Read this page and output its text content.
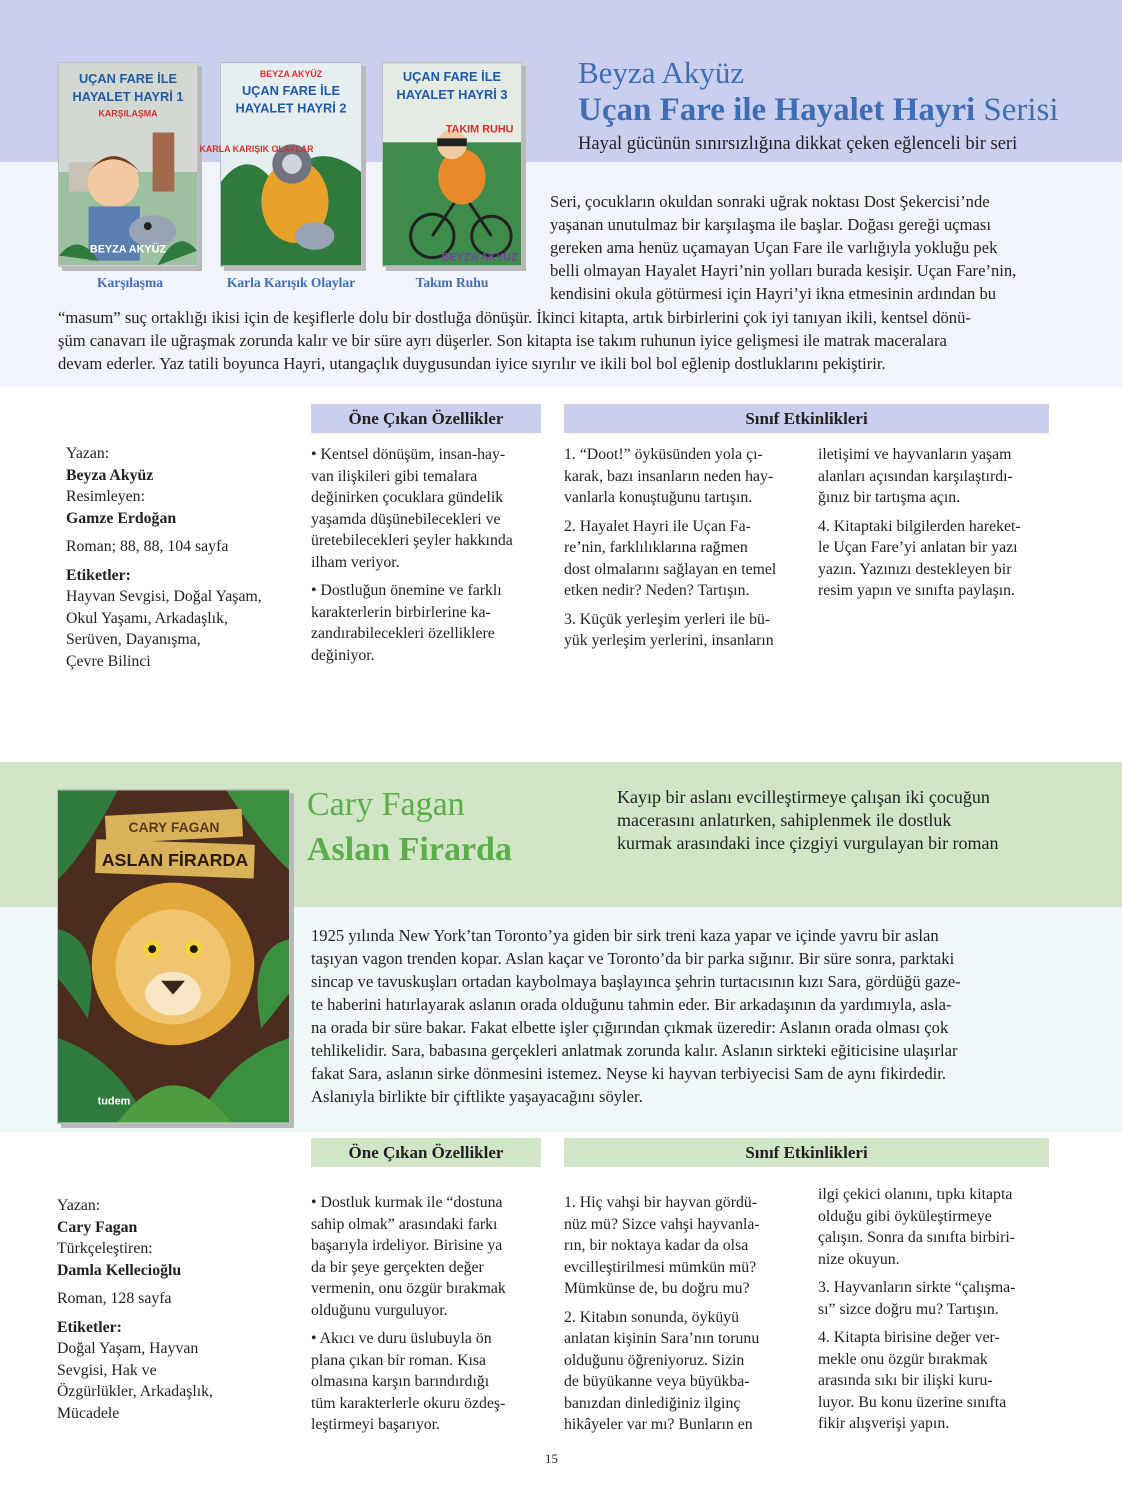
UÇAN FARE İLE
HAYALET HAYRİ 1
KARŞILAŞMA
BEYZA AKYÜZ
Karşılaşma
BEYZA AKYÜZ
UÇAN FARE İLE
HAYALET HAYRİ 2
KARLA KARIŞIK OLAYLAR
Karla Karışık Olaylar
UÇAN FARE İLE
HAYALET HAYRİ 3
TAKIM RUHU
BEYZA AKYÜZ
Takım Ruhu
Beyza Akyüz
Uçan Fare ile Hayalet Hayri Serisi
Hayal gücünün sınırsızlığına dikkat çeken eğlenceli bir seri
Seri, çocukların okuldan sonraki uğrak noktası Dost Şekercisi’nde
yaşanan unutulmaz bir karşılaşma ile başlar. Doğası gereği uçması
gereken ama henüz uçamayan Uçan Fare ile varlığıyla yokluğu pek
belli olmayan Hayalet Hayri’nin yolları burada kesişir. Uçan Fare’nin,
kendisini okula götürmesi için Hayri’yi ikna etmesinin ardından bu
“masum” suç ortaklığı ikisi için de keşiflerle dolu bir dostluğa dönüşür. İkinci kitapta, artık birbirlerini çok iyi tanıyan ikili, kentsel dönü-
şüm canavarı ile uğraşmak zorunda kalır ve bir süre ayrı düşerler. Son kitapta ise takım ruhunun iyice gelişmesi ile matrak maceralara
devam ederler. Yaz tatili boyunca Hayri, utangaçlık duygusundan iyice sıyrılır ve ikili bol bol eğlenip dostluklarını pekiştirir.
Öne Çıkan Özellikler	Sınıf Etkinlikleri
Yazan:
Beyza Akyüz
Resimleyen:
Gamze Erdoğan
Roman; 88, 88, 104 sayfa
Etiketler:
Hayvan Sevgisi, Doğal Yaşam,
Okul Yaşamı, Arkadaşlık,
Serüven, Dayanışma,
Çevre Bilinci

• Kentsel dönüşüm, insan-hay-
van ilişkileri gibi temalara
değinirken çocuklara gündelik
yaşamda düşünebilecekleri ve
üretebilecekleri şeyler hakkında
ilham veriyor.

• Dostluğun önemine ve farklı
karakterlerin birbirlerine ka-
zandırabilecekleri özelliklere
değiniyor.

1. “Doot!” öyküsünden yola çı-
karak, bazı insanların neden hay-
vanlarla konuştuğunu tartışın.

2. Hayalet Hayri ile Uçan Fa-
re’nin, farklılıklarına rağmen
dost olmalarını sağlayan en temel
etken nedir? Neden? Tartışın.

3. Küçük yerleşim yerleri ile bü-
yük yerleşim yerlerini, insanların

iletişimi ve hayvanların yaşam
alanları açısından karşılaştırdı-
ğınız bir tartışma açın.

4. Kitaptaki bilgilerden hareket-
le Uçan Fare’yi anlatan bir yazı
yazın. Yazınızı destekleyen bir
resim yapın ve sınıfta paylaşın.

CARY FAGAN
ASLAN FİRARDA
tudem
Cary Fagan
Aslan Firarda
Kayıp bir aslanı evcilleştirmeye çalışan iki çocuğun
macerasını anlatırken, sahiplenmek ile dostluk
kurmak arasındaki ince çizgiyi vurgulayan bir roman
1925 yılında New York’tan Toronto’ya giden bir sirk treni kaza yapar ve içinde yavru bir aslan
taşıyan vagon trenden kopar. Aslan kaçar ve Toronto’da bir parka sığınır. Bir süre sonra, parktaki
sincap ve tavuskuşları ortadan kaybolmaya başlayınca şehrin turtacısının kızı Sara, gördüğü gaze-
te haberini hatırlayarak aslanın orada olduğunu tahmin eder. Bir arkadaşının da yardımıyla, asla-
na orada bir süre bakar. Fakat elbette işler çığırından çıkmak üzeredir: Aslanın orada olması çok
tehlikelidir. Sara, babasına gerçekleri anlatmak zorunda kalır. Aslanın sirkteki eğiticisine ulaşırlar
fakat Sara, aslanın sirke dönmesini istemez. Neyse ki hayvan terbiyecisi Sam de aynı fikirdedir.
Aslanıyla birlikte bir çiftlikte yaşayacağını söyler.
Öne Çıkan Özellikler	Sınıf Etkinlikleri
Yazan:
Cary Fagan
Türkçeleştiren:
Damla Kellecioğlu
Roman, 128 sayfa
Etiketler:
Doğal Yaşam, Hayvan
Sevgisi, Hak ve
Özgürlükler, Arkadaşlık,
Mücadele

• Dostluk kurmak ile “dostuna
sahip olmak” arasındaki farkı
başarıyla irdeliyor. Birisine ya
da bir şeye gerçekten değer
vermenin, onu özgür bırakmak
olduğunu vurguluyor.

• Akıcı ve duru üslubuyla ön
plana çıkan bir roman. Kısa
olmasına karşın barındırdığı
tüm karakterlerle okuru özdeş-
leştirmeyi başarıyor.

1. Hiç vahşi bir hayvan gördü-
nüz mü? Sizce vahşi hayvanla-
rın, bir noktaya kadar da olsa
evcilleştirilmesi mümkün mü?
Mümkünse de, bu doğru mu?

2. Kitabın sonunda, öyküyü
anlatan kişinin Sara’nın torunu
olduğunu öğreniyoruz. Sizin
de büyükanne veya büyükba-
banızdan dinlediğiniz ilginç
hikâyeler var mı? Bunların en

ilgi çekici olanını, tıpkı kitapta
olduğu gibi öyküleştirmeye
çalışın. Sonra da sınıfta birbiri-
nize okuyun.

3. Hayvanların sirkte “çalışma-
sı” sizce doğru mu? Tartışın.

4. Kitapta birisine değer ver-
mekle onu özgür bırakmak
arasında sıkı bir ilişki kuru-
luyor. Bu konu üzerine sınıfta
fikir alışverişi yapın.

15
